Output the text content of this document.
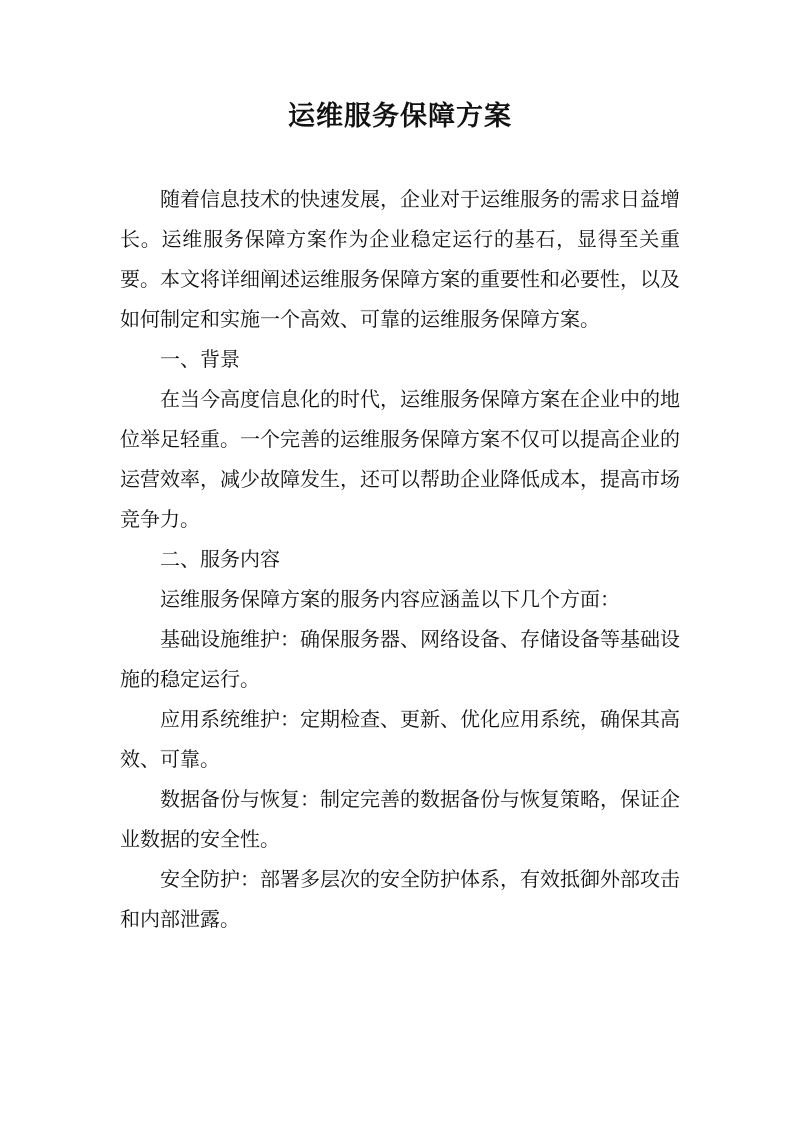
运维服务保障方案

随着信息技术的快速发展，企业对于运维服务的需求日益增长。运维服务保障方案作为企业稳定运行的基石，显得至关重要。本文将详细阐述运维服务保障方案的重要性和必要性，以及如何制定和实施一个高效、可靠的运维服务保障方案。

一、背景

在当今高度信息化的时代，运维服务保障方案在企业中的地位举足轻重。一个完善的运维服务保障方案不仅可以提高企业的运营效率，减少故障发生，还可以帮助企业降低成本，提高市场竞争力。

二、服务内容

运维服务保障方案的服务内容应涵盖以下几个方面：

基础设施维护：确保服务器、网络设备、存储设备等基础设施的稳定运行。

应用系统维护：定期检查、更新、优化应用系统，确保其高效、可靠。

数据备份与恢复：制定完善的数据备份与恢复策略，保证企业数据的安全性。

安全防护：部署多层次的安全防护体系，有效抵御外部攻击和内部泄露。
